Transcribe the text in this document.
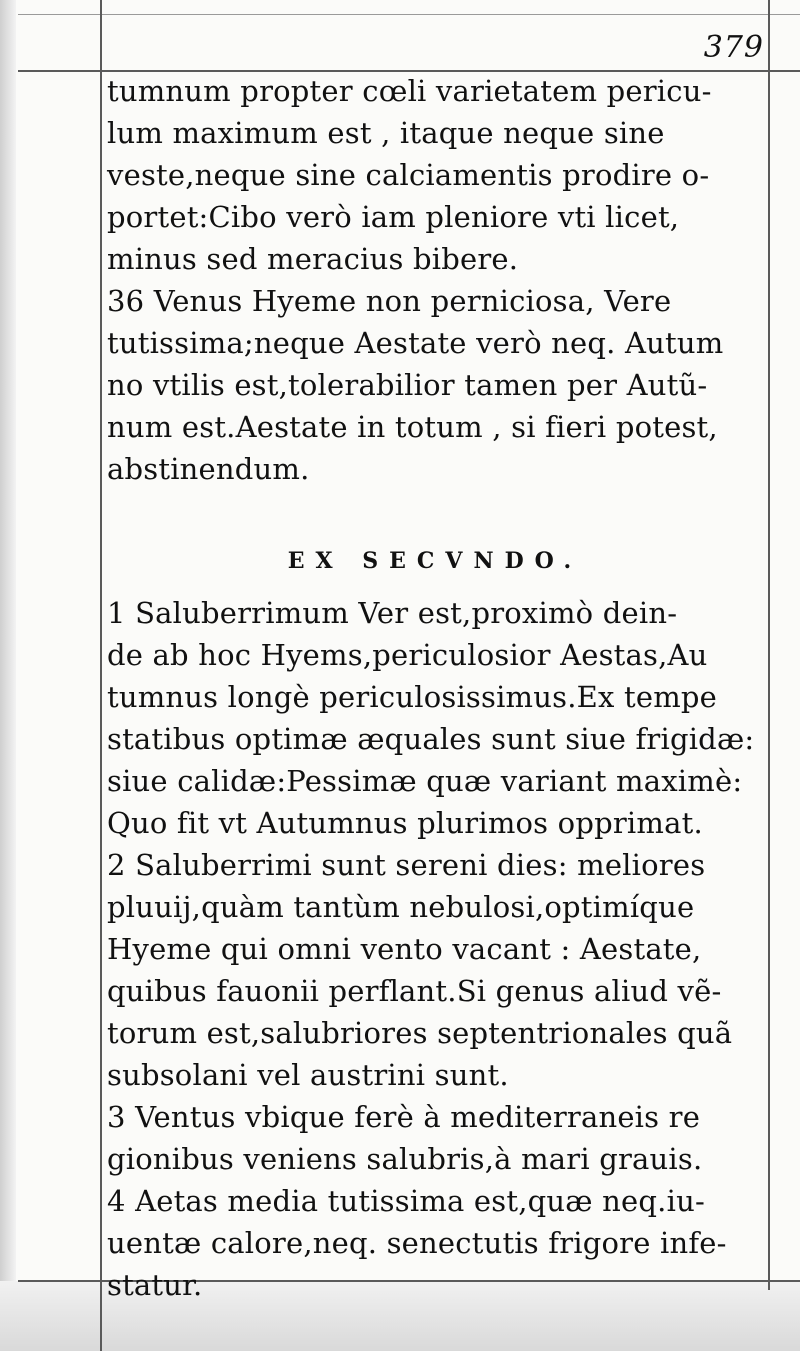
379
tumnum propter cœli varietatem pericu-
lum maximum est , itaque neque sine
veste,neque sine calciamentis prodire o-
portet:Cibo verò iam pleniore vti licet,
minus sed meracius bibere.
36 Venus Hyeme non perniciosa, Vere
tutissima;neque Aestate verò neq. Autum
no vtilis est,tolerabilior tamen per Autũ-
num est.Aestate in totum , si fieri potest,
abstinendum.
EX SECVNDO.
1 Saluberrimum Ver est,proximò dein-
de ab hoc Hyems,periculosior Aestas,Au
tumnus longè periculosissimus.Ex tempe
statibus optimæ æquales sunt siue frigidæ:
siue calidæ:Pessimæ quæ variant maximè:
Quo fit vt Autumnus plurimos opprimat.
2 Saluberrimi sunt sereni dies: meliores
pluuij,quàm tantùm nebulosi,optimíque
Hyeme qui omni vento vacant : Aestate,
quibus fauonii perflant.Si genus aliud vẽ-
torum est,salubriores septentrionales quã
subsolani vel austrini sunt.
3 Ventus vbique ferè à mediterraneis re
gionibus veniens salubris,à mari grauis.
4 Aetas media tutissima est,quæ neq.iu-
uentæ calore,neq. senectutis frigore infe-
statur.
